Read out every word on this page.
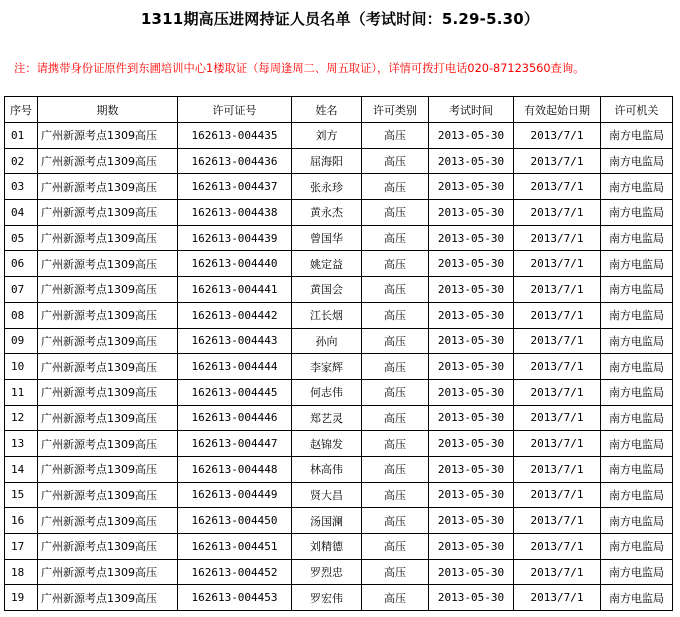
1311期高压进网持证人员名单（考试时间：5.29-5.30）
注：请携带身份证原件到东圃培训中心1楼取证（每周逢周二、周五取证），详情可拨打电话020-87123560查询。
序号	期数	许可证号	姓名	许可类别	考试时间	有效起始日期	许可机关
01	广州新源考点1309高压	162613-004435	刘方	高压	2013-05-30	2013/7/1	南方电监局
02	广州新源考点1309高压	162613-004436	屈海阳	高压	2013-05-30	2013/7/1	南方电监局
03	广州新源考点1309高压	162613-004437	张永珍	高压	2013-05-30	2013/7/1	南方电监局
04	广州新源考点1309高压	162613-004438	黄永杰	高压	2013-05-30	2013/7/1	南方电监局
05	广州新源考点1309高压	162613-004439	曾国华	高压	2013-05-30	2013/7/1	南方电监局
06	广州新源考点1309高压	162613-004440	姚定益	高压	2013-05-30	2013/7/1	南方电监局
07	广州新源考点1309高压	162613-004441	黄国会	高压	2013-05-30	2013/7/1	南方电监局
08	广州新源考点1309高压	162613-004442	江长烟	高压	2013-05-30	2013/7/1	南方电监局
09	广州新源考点1309高压	162613-004443	孙向	高压	2013-05-30	2013/7/1	南方电监局
10	广州新源考点1309高压	162613-004444	李家辉	高压	2013-05-30	2013/7/1	南方电监局
11	广州新源考点1309高压	162613-004445	何志伟	高压	2013-05-30	2013/7/1	南方电监局
12	广州新源考点1309高压	162613-004446	郑艺灵	高压	2013-05-30	2013/7/1	南方电监局
13	广州新源考点1309高压	162613-004447	赵锦发	高压	2013-05-30	2013/7/1	南方电监局
14	广州新源考点1309高压	162613-004448	林高伟	高压	2013-05-30	2013/7/1	南方电监局
15	广州新源考点1309高压	162613-004449	贤大昌	高压	2013-05-30	2013/7/1	南方电监局
16	广州新源考点1309高压	162613-004450	汤国澜	高压	2013-05-30	2013/7/1	南方电监局
17	广州新源考点1309高压	162613-004451	刘精德	高压	2013-05-30	2013/7/1	南方电监局
18	广州新源考点1309高压	162613-004452	罗烈忠	高压	2013-05-30	2013/7/1	南方电监局
19	广州新源考点1309高压	162613-004453	罗宏伟	高压	2013-05-30	2013/7/1	南方电监局
